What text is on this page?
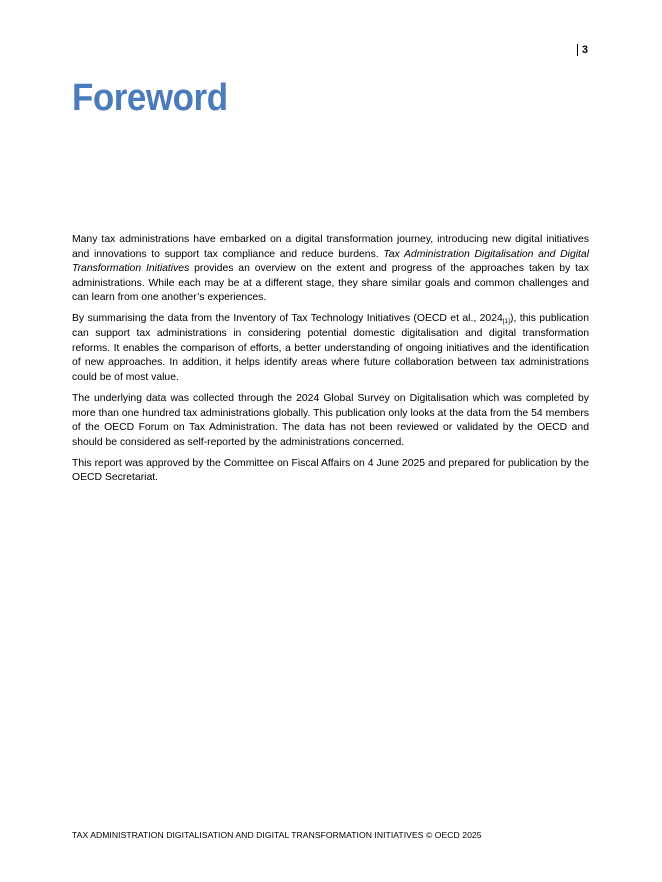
3
Foreword

Many tax administrations have embarked on a digital transformation journey, introducing new digital initiatives and innovations to support tax compliance and reduce burdens. Tax Administration Digitalisation and Digital Transformation Initiatives provides an overview on the extent and progress of the approaches taken by tax administrations. While each may be at a different stage, they share similar goals and common challenges and can learn from one another’s experiences.

By summarising the data from the Inventory of Tax Technology Initiatives (OECD et al., $2024_{[1]}$), this publication can support tax administrations in considering potential domestic digitalisation and digital transformation reforms. It enables the comparison of efforts, a better understanding of ongoing initiatives and the identification of new approaches. In addition, it helps identify areas where future collaboration between tax administrations could be of most value.

The underlying data was collected through the 2024 Global Survey on Digitalisation which was completed by more than one hundred tax administrations globally. This publication only looks at the data from the 54 members of the OECD Forum on Tax Administration. The data has not been reviewed or validated by the OECD and should be considered as self-reported by the administrations concerned.

This report was approved by the Committee on Fiscal Affairs on 4 June 2025 and prepared for publication by the OECD Secretariat.

TAX ADMINISTRATION DIGITALISATION AND DIGITAL TRANSFORMATION INITIATIVES © OECD 2025
